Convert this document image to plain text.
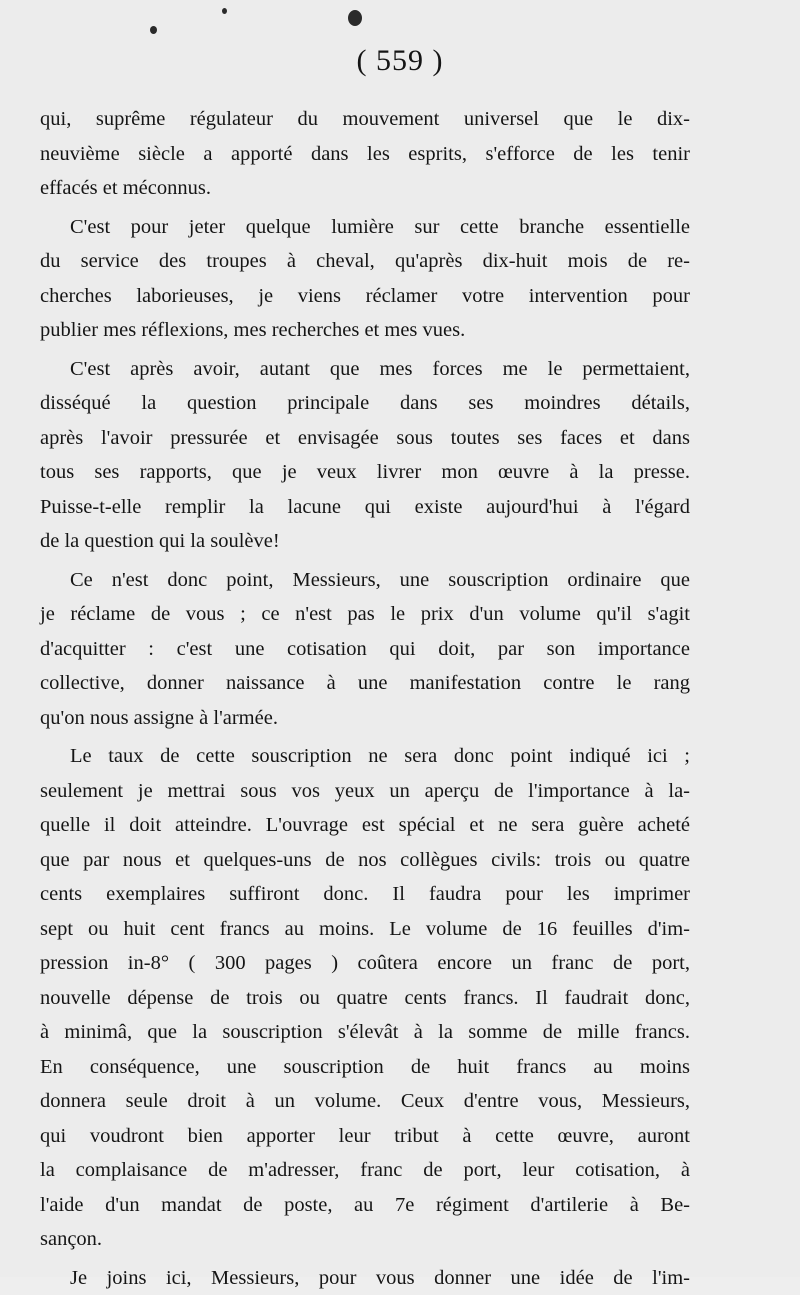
( 559 )
qui, suprême régulateur du mouvement universel que le dix-
neuvième siècle a apporté dans les esprits, s'efforce de les tenir
effacés et méconnus.
C'est pour jeter quelque lumière sur cette branche essentielle
du service des troupes à cheval, qu'après dix-huit mois de re-
cherches laborieuses, je viens réclamer votre intervention pour
publier mes réflexions, mes recherches et mes vues.
C'est après avoir, autant que mes forces me le permettaient,
disséqué la question principale dans ses moindres détails,
après l'avoir pressurée et envisagée sous toutes ses faces et dans
tous ses rapports, que je veux livrer mon œuvre à la presse.
Puisse-t-elle remplir la lacune qui existe aujourd'hui à l'égard
de la question qui la soulève!
Ce n'est donc point, Messieurs, une souscription ordinaire que
je réclame de vous ; ce n'est pas le prix d'un volume qu'il s'agit
d'acquitter : c'est une cotisation qui doit, par son importance
collective, donner naissance à une manifestation contre le rang
qu'on nous assigne à l'armée.
Le taux de cette souscription ne sera donc point indiqué ici ;
seulement je mettrai sous vos yeux un aperçu de l'importance à la-
quelle il doit atteindre. L'ouvrage est spécial et ne sera guère acheté
que par nous et quelques-uns de nos collègues civils: trois ou quatre
cents exemplaires suffiront donc. Il faudra pour les imprimer
sept ou huit cent francs au moins. Le volume de 16 feuilles d'im-
pression in-8° ( 300 pages ) coûtera encore un franc de port,
nouvelle dépense de trois ou quatre cents francs. Il faudrait donc,
à minimâ, que la souscription s'élevât à la somme de mille francs.
En conséquence, une souscription de huit francs au moins
donnera seule droit à un volume. Ceux d'entre vous, Messieurs,
qui voudront bien apporter leur tribut à cette œuvre, auront
la complaisance de m'adresser, franc de port, leur cotisation, à
l'aide d'un mandat de poste, au 7e régiment d'artilerie à Be-
sançon.
Je joins ici, Messieurs, pour vous donner une idée de l'im-
